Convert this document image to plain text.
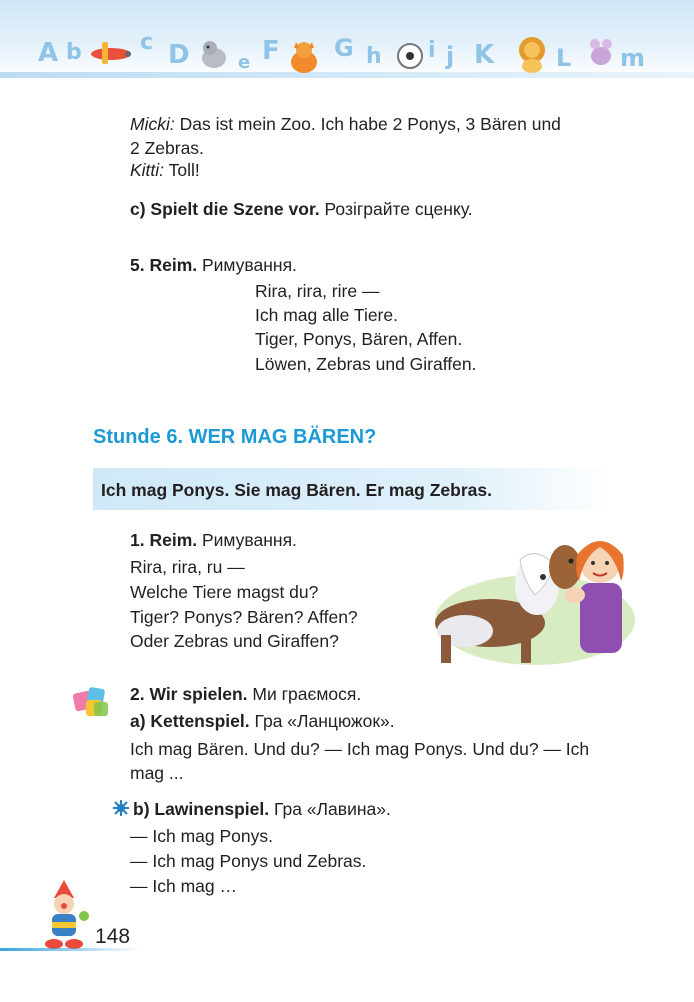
A b	c D	e F G h i j K	L m
Micki: Das ist mein Zoo. Ich habe 2 Ponys, 3 Bären und
2 Zebras.
Kitti: Toll!
c) Spielt die Szene vor. Розіграйте сценку.
5. Reim. Римування.
Rira, rira, rire —
Ich mag alle Tiere.
Tiger, Ponys, Bären, Affen.
Löwen, Zebras und Giraffen.
Stunde 6. WER MAG BÄREN?
Ich mag Ponys. Sie mag Bären. Er mag Zebras.
1. Reim. Римування.
Rira, rira, ru —
Welche Tiere magst du?
Tiger? Ponys? Bären? Affen?
Oder Zebras und Giraffen?
2. Wir spielen. Ми граємося.
a) Kettenspiel. Гра «Ланцюжок».
Ich mag Bären. Und du? — Ich mag Ponys. Und du? — Ich
mag ...
b) Lawinenspiel. Гра «Лавина».
— Ich mag Ponys.
— Ich mag Ponys und Zebras.
— Ich mag …
148
